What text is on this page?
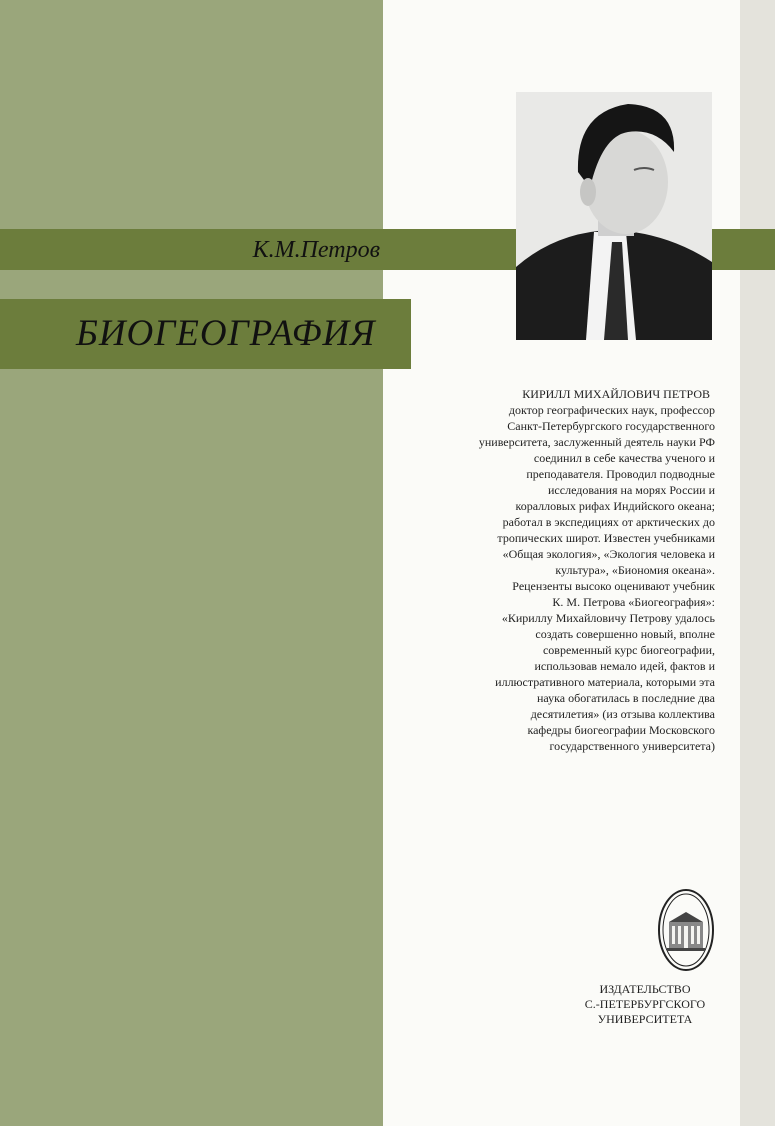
К.М.Петров
БИОГЕОГРАФИЯ
КИРИЛЛ МИХАЙЛОВИЧ ПЕТРОВ
доктор географических наук, профессор
Санкт-Петербургского государственного
университета, заслуженный деятель науки РФ
соединил в себе качества ученого и
преподавателя. Проводил подводные
исследования на морях России и
коралловых рифах Индийского океана;
работал в экспедициях от арктических до
тропических широт. Известен учебниками
«Общая экология», «Экология человека и
культура», «Биономия океана».
Рецензенты высоко оценивают учебник
К. М. Петрова «Биогеография»:
«Кириллу Михайловичу Петрову удалось
создать совершенно новый, вполне
современный курс биогеографии,
использовав немало идей, фактов и
иллюстративного материала, которыми эта
наука обогатилась в последние два
десятилетия» (из отзыва коллектива
кафедры биогеографии Московского
государственного университета)
ИЗДАТЕЛЬСТВО
С.-ПЕТЕРБУРГСКОГО
УНИВЕРСИТЕТА
